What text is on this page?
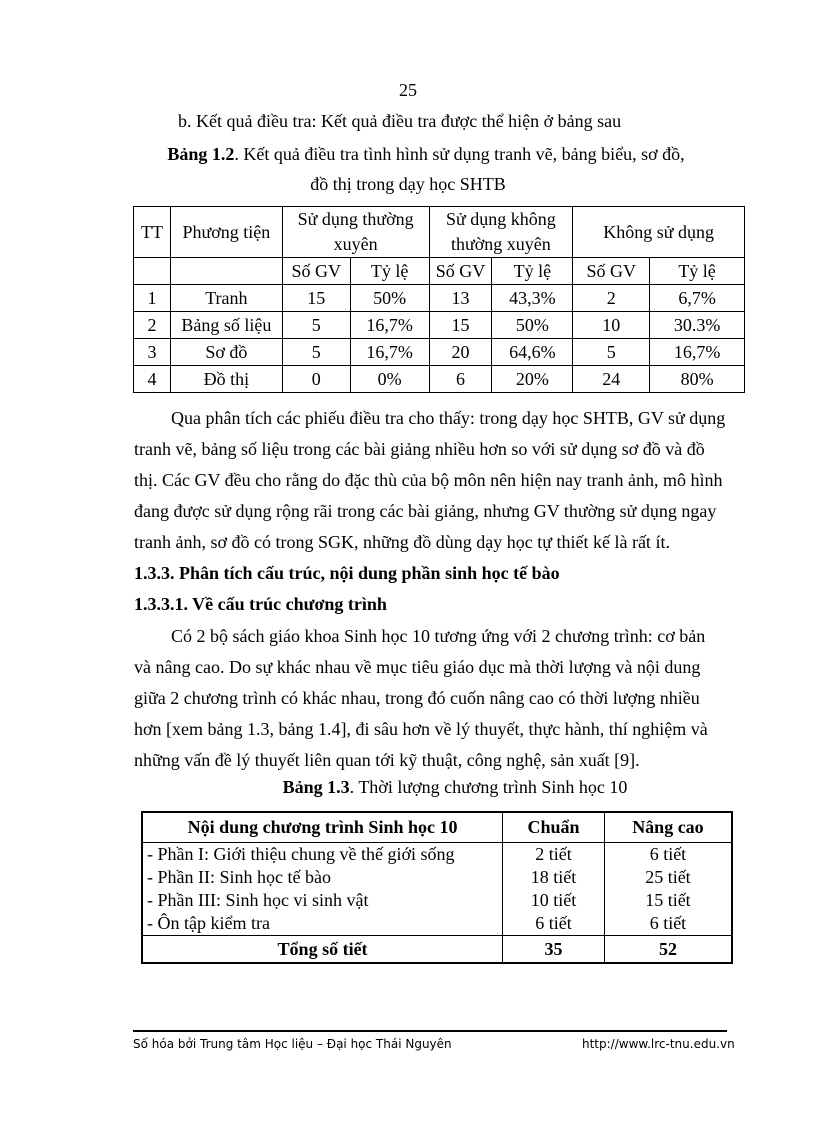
25

b. Kết quả điều tra: Kết quả điều tra được thể hiện ở bảng sau

Bảng 1.2. Kết quả điều tra tình hình sử dụng tranh vẽ, bảng biểu, sơ đồ,
đồ thị trong dạy học SHTB
TT	Phương tiện	Sử dụng thường xuyên		Sử dụng không thường xuyên		Không sử dụng	

		Số GV	Tỷ lệ	Số GV	Tỷ lệ	Số GV	Tỷ lệ
1	Tranh	15	50%	13	43,3%	2	6,7%
2	Bảng số liệu	5	16,7%	15	50%	10	30.3%
3	Sơ đồ	5	16,7%	20	64,6%	5	16,7%
4	Đồ thị	0	0%	6	20%	24	80%

Qua phân tích các phiếu điều tra cho thấy: trong dạy học SHTB, GV sử dụng

tranh vẽ, bảng số liệu trong các bài giảng nhiều hơn so với sử dụng sơ đồ và đồ

thị. Các GV đều cho rằng do đặc thù của bộ môn nên hiện nay tranh ảnh, mô hình

đang được sử dụng rộng rãi trong các bài giảng, nhưng GV thường sử dụng ngay

tranh ảnh, sơ đồ có trong SGK, những đồ dùng dạy học tự thiết kế là rất ít.

1.3.3. Phân tích cấu trúc, nội dung phần sinh học tế bào

1.3.3.1. Về cấu trúc chương trình

Có 2 bộ sách giáo khoa Sinh học 10 tương ứng với 2 chương trình: cơ bản

và nâng cao. Do sự khác nhau về mục tiêu giáo dục mà thời lượng và nội dung

giữa 2 chương trình có khác nhau, trong đó cuốn nâng cao có thời lượng nhiều

hơn [xem bảng 1.3, bảng 1.4], đi sâu hơn về lý thuyết, thực hành, thí nghiệm và

những vấn đề lý thuyết liên quan tới kỹ thuật, công nghệ, sản xuất [9].

Bảng 1.3. Thời lượng chương trình Sinh học 10
Nội dung chương trình Sinh học 10	Chuẩn	Nâng cao
- Phần I: Giới thiệu chung về thế giới sống	2 tiết	6 tiết
- Phần II: Sinh học tế bào	18 tiết	25 tiết
- Phần III: Sinh học vi sinh vật	10 tiết	15 tiết
- Ôn tập kiểm tra	6 tiết	6 tiết
Tổng số tiết	35	52
Số hóa bởi Trung tâm Học liệu – Đại học Thái Nguyên	http://www.lrc-tnu.edu.vn
